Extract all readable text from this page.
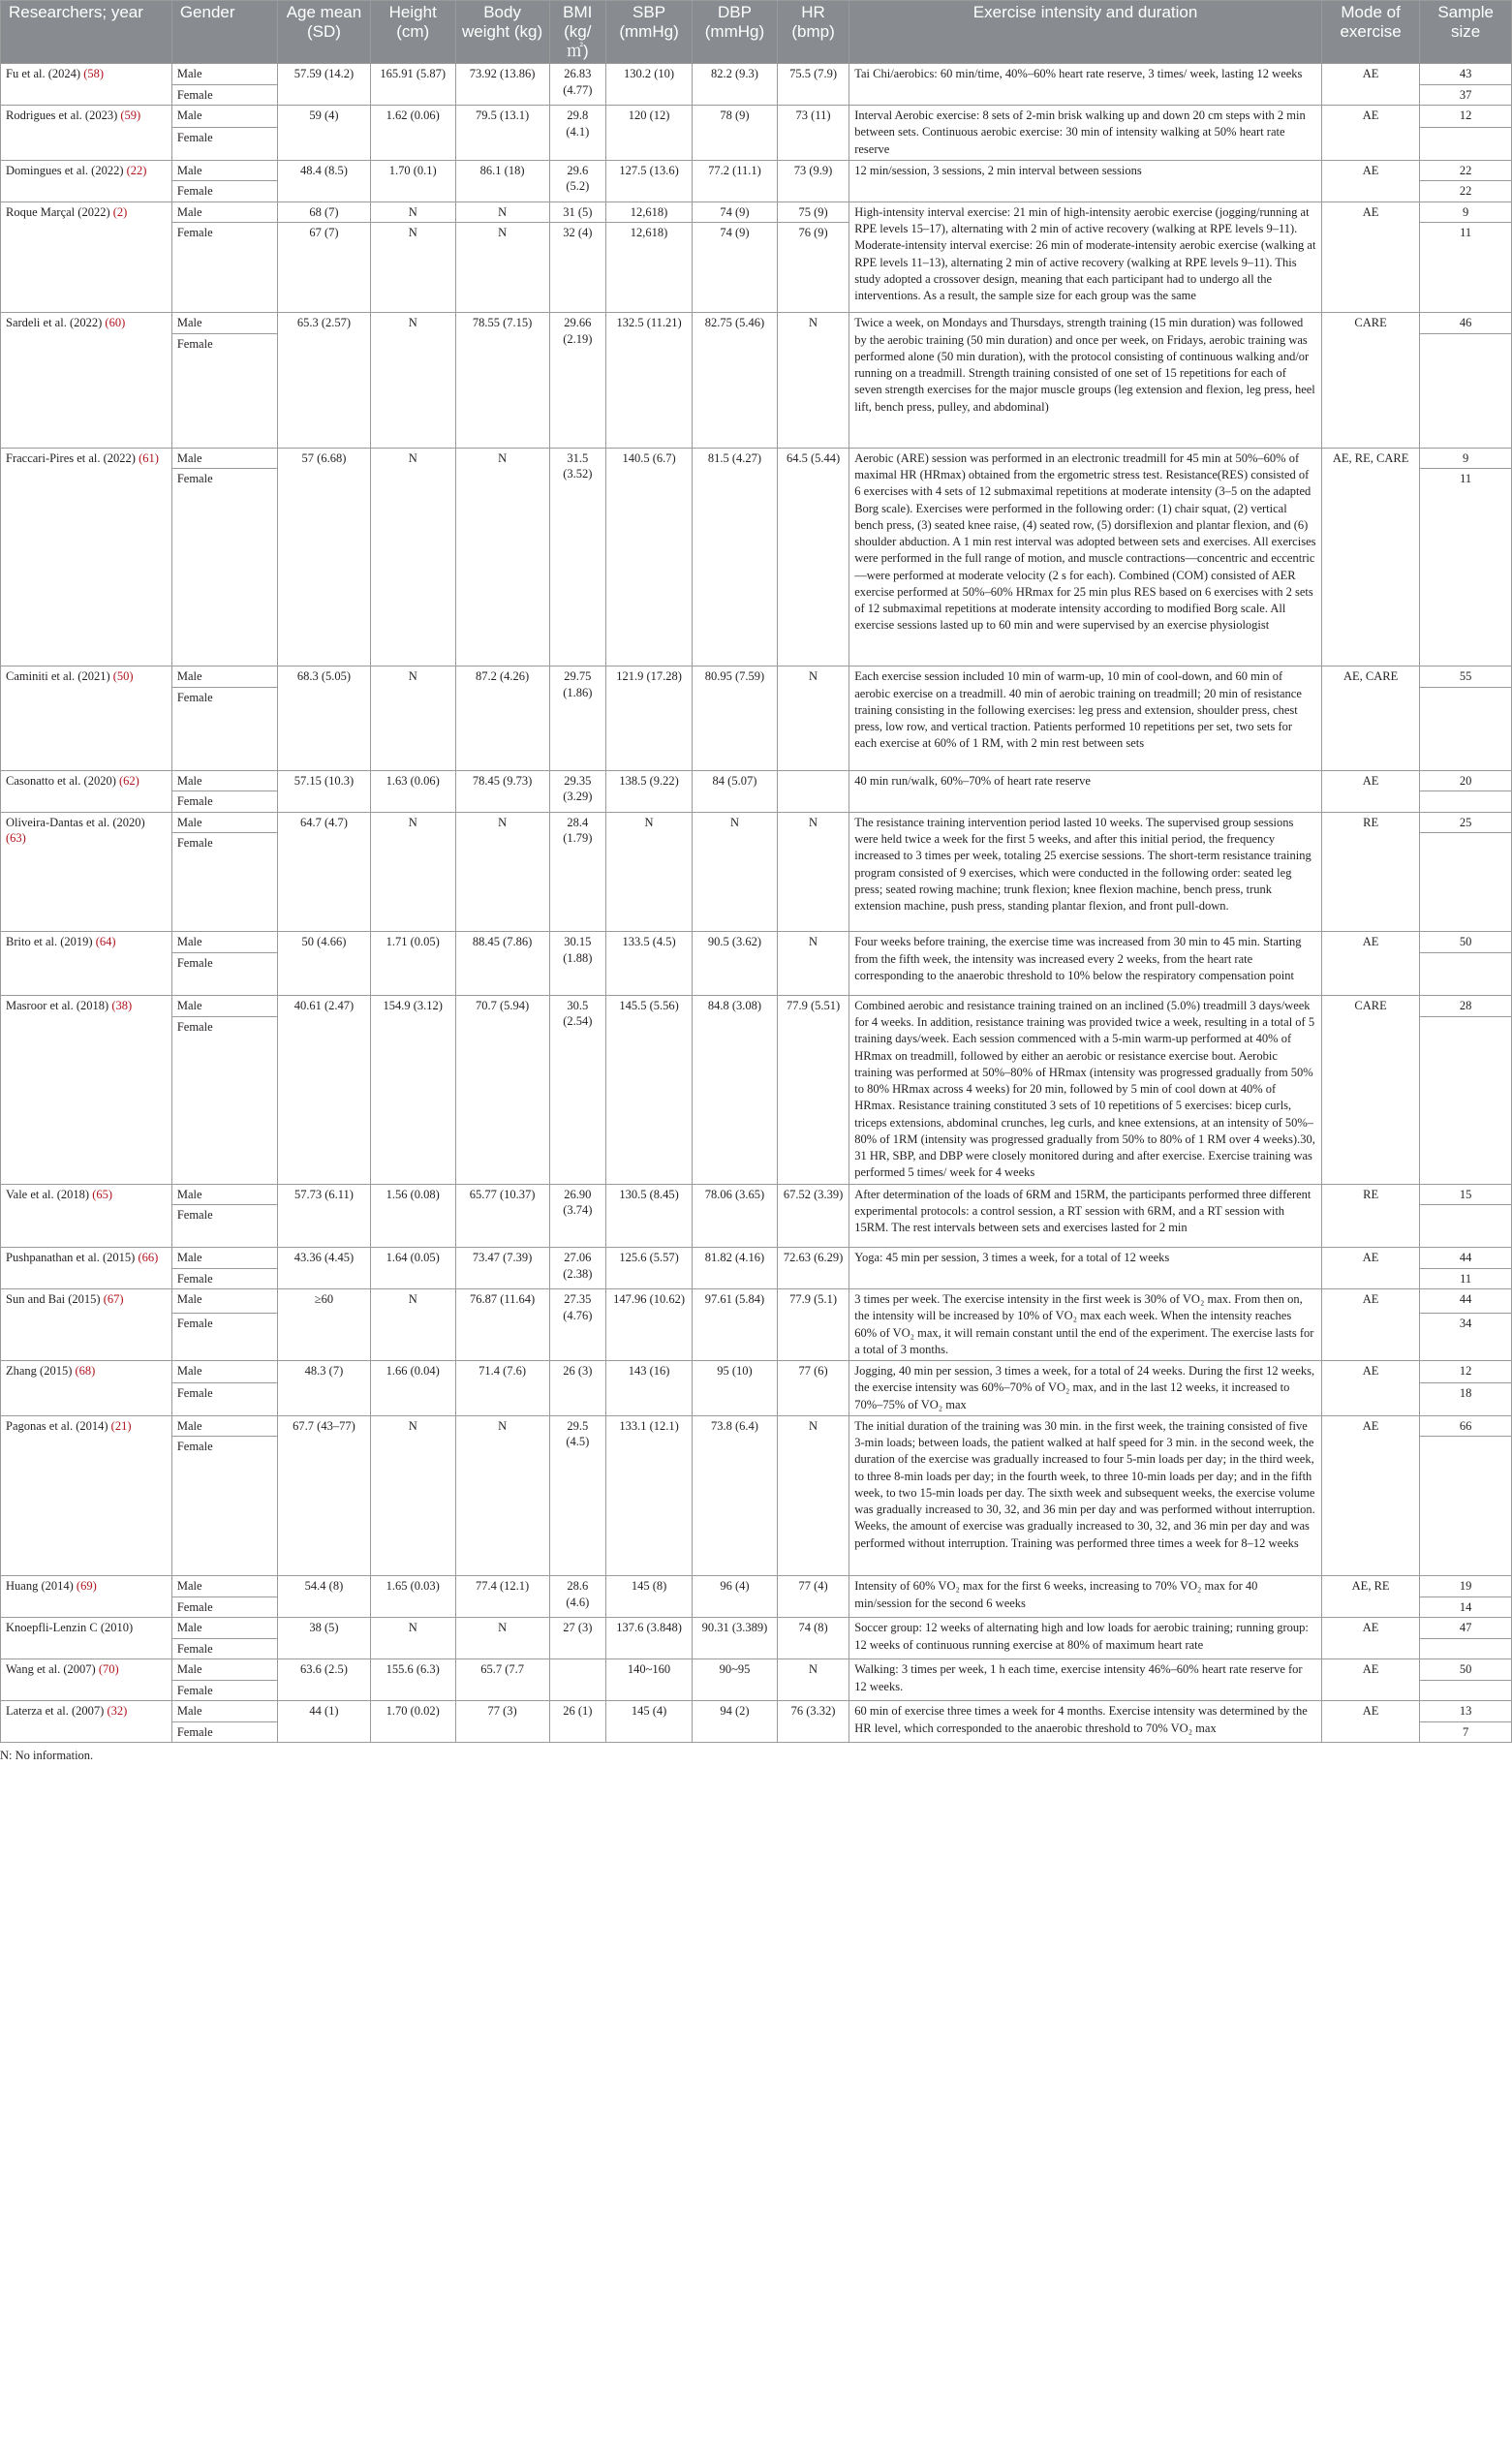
Researchers; year	Gender	Age mean (SD)	Height (cm)	Body weight (kg)	BMI (kg/ ㎡)	SBP (mmHg)	DBP (mmHg)	HR (bmp)	Exercise intensity and duration	Mode of exercise	Sample size
Fu et al. (2024) (58)	Male	57.59 (14.2)	165.91 (5.87)	73.92 (13.86)	26.83 (4.77)	130.2 (10)	82.2 (9.3)	75.5 (7.9)	Tai Chi/aerobics: 60 min/time, 40%–60% heart rate reserve, 3 times/ week, lasting 12 weeks	AE	43
	Female										37
Rodrigues et al. (2023) (59)	Male	59 (4)	1.62 (0.06)	79.5 (13.1)	29.8 (4.1)	120 (12)	78 (9)	73 (11)	Interval Aerobic exercise: 8 sets of 2-min brisk walking up and down 20 cm steps with 2 min between sets. Continuous aerobic exercise: 30 min of intensity walking at 50% heart rate reserve	AE	12
	Female										
Domingues et al. (2022) (22)	Male	48.4 (8.5)	1.70 (0.1)	86.1 (18)	29.6 (5.2)	127.5 (13.6)	77.2 (11.1)	73 (9.9)	12 min/session, 3 sessions, 2 min interval between sessions	AE	22
	Female										22
Roque Marçal (2022) (2)	Male	68 (7)	N	N	31 (5)	12,618)	74 (9)	75 (9)	High-intensity interval exercise: 21 min of high-intensity aerobic exercise (jogging/running at RPE levels 15–17), alternating with 2 min of active recovery (walking at RPE levels 9–11). Moderate-intensity interval exercise: 26 min of moderate-intensity aerobic exercise (walking at RPE levels 11–13), alternating 2 min of active recovery (walking at RPE levels 9–11). This study adopted a crossover design, meaning that each participant had to undergo all the interventions. As a result, the sample size for each group was the same	AE	9
	Female	67 (7)	N	N	32 (4)	12,618)	74 (9)	76 (9)			11
Sardeli et al. (2022) (60)	Male	65.3 (2.57)	N	78.55 (7.15)	29.66 (2.19)	132.5 (11.21)	82.75 (5.46)	N	Twice a week, on Mondays and Thursdays, strength training (15 min duration) was followed by the aerobic training (50 min duration) and once per week, on Fridays, aerobic training was performed alone (50 min duration), with the protocol consisting of continuous walking and/or running on a treadmill. Strength training consisted of one set of 15 repetitions for each of seven strength exercises for the major muscle groups (leg extension and flexion, leg press, heel lift, bench press, pulley, and abdominal)	CARE	46
	Female										
Fraccari-Pires et al. (2022) (61)	Male	57 (6.68)	N	N	31.5 (3.52)	140.5 (6.7)	81.5 (4.27)	64.5 (5.44)	Aerobic (ARE) session was performed in an electronic treadmill for 45 min at 50%–60% of maximal HR (HRmax) obtained from the ergometric stress test. Resistance(RES) consisted of 6 exercises with 4 sets of 12 submaximal repetitions at moderate intensity (3–5 on the adapted Borg scale). Exercises were performed in the following order: (1) chair squat, (2) vertical bench press, (3) seated knee raise, (4) seated row, (5) dorsiflexion and plantar flexion, and (6) shoulder abduction. A 1 min rest interval was adopted between sets and exercises. All exercises were performed in the full range of motion, and muscle contractions—concentric and eccentric—were performed at moderate velocity (2 s for each). Combined (COM) consisted of AER exercise performed at 50%–60% HRmax for 25 min plus RES based on 6 exercises with 2 sets of 12 submaximal repetitions at moderate intensity according to modified Borg scale. All exercise sessions lasted up to 60 min and were supervised by an exercise physiologist	AE, RE, CARE	9
	Female										11
Caminiti et al. (2021) (50)	Male	68.3 (5.05)	N	87.2 (4.26)	29.75 (1.86)	121.9 (17.28)	80.95 (7.59)	N	Each exercise session included 10 min of warm-up, 10 min of cool-down, and 60 min of aerobic exercise on a treadmill. 40 min of aerobic training on treadmill; 20 min of resistance training consisting in the following exercises: leg press and extension, shoulder press, chest press, low row, and vertical traction. Patients performed 10 repetitions per set, two sets for each exercise at 60% of 1 RM, with 2 min rest between sets	AE, CARE	55
	Female										
Casonatto et al. (2020) (62)	Male	57.15 (10.3)	1.63 (0.06)	78.45 (9.73)	29.35 (3.29)	138.5 (9.22)	84 (5.07)		40 min run/walk, 60%–70% of heart rate reserve	AE	20
	Female										
Oliveira-Dantas et al. (2020) (63)	Male	64.7 (4.7)	N	N	28.4 (1.79)	N	N	N	The resistance training intervention period lasted 10 weeks. The supervised group sessions were held twice a week for the first 5 weeks, and after this initial period, the frequency increased to 3 times per week, totaling 25 exercise sessions. The short-term resistance training program consisted of 9 exercises, which were conducted in the following order: seated leg press; seated rowing machine; trunk flexion; knee flexion machine, bench press, trunk extension machine, push press, standing plantar flexion, and front pull-down.	RE	25
	Female										
Brito et al. (2019) (64)	Male	50 (4.66)	1.71 (0.05)	88.45 (7.86)	30.15 (1.88)	133.5 (4.5)	90.5 (3.62)	N	Four weeks before training, the exercise time was increased from 30 min to 45 min. Starting from the fifth week, the intensity was increased every 2 weeks, from the heart rate corresponding to the anaerobic threshold to 10% below the respiratory compensation point	AE	50
	Female										
Masroor et al. (2018) (38)	Male	40.61 (2.47)	154.9 (3.12)	70.7 (5.94)	30.5 (2.54)	145.5 (5.56)	84.8 (3.08)	77.9 (5.51)	Combined aerobic and resistance training trained on an inclined (5.0%) treadmill 3 days/week for 4 weeks. In addition, resistance training was provided twice a week, resulting in a total of 5 training days/week. Each session commenced with a 5-min warm-up performed at 40% of HRmax on treadmill, followed by either an aerobic or resistance exercise bout. Aerobic training was performed at 50%–80% of HRmax (intensity was progressed gradually from 50% to 80% HRmax across 4 weeks) for 20 min, followed by 5 min of cool down at 40% of HRmax. Resistance training constituted 3 sets of 10 repetitions of 5 exercises: bicep curls, triceps extensions, abdominal crunches, leg curls, and knee extensions, at an intensity of 50%–80% of 1RM (intensity was progressed gradually from 50% to 80% of 1 RM over 4 weeks).30, 31 HR, SBP, and DBP were closely monitored during and after exercise. Exercise training was performed 5 times/ week for 4 weeks	CARE	28
	Female										
Vale et al. (2018) (65)	Male	57.73 (6.11)	1.56 (0.08)	65.77 (10.37)	26.90 (3.74)	130.5 (8.45)	78.06 (3.65)	67.52 (3.39)	After determination of the loads of 6RM and 15RM, the participants performed three different experimental protocols: a control session, a RT session with 6RM, and a RT session with 15RM. The rest intervals between sets and exercises lasted for 2 min	RE	15
	Female										
Pushpanathan et al. (2015) (66)	Male	43.36 (4.45)	1.64 (0.05)	73.47 (7.39)	27.06 (2.38)	125.6 (5.57)	81.82 (4.16)	72.63 (6.29)	Yoga: 45 min per session, 3 times a week, for a total of 12 weeks	AE	44
	Female										11
Sun and Bai (2015) (67)	Male	≥60	N	76.87 (11.64)	27.35 (4.76)	147.96 (10.62)	97.61 (5.84)	77.9 (5.1)	3 times per week. The exercise intensity in the first week is 30% of VO₂ max. From then on, the intensity will be increased by 10% of VO₂ max each week. When the intensity reaches 60% of VO₂ max, it will remain constant until the end of the experiment. The exercise lasts for a total of 3 months.	AE	44
	Female										34
Zhang (2015) (68)	Male	48.3 (7)	1.66 (0.04)	71.4 (7.6)	26 (3)	143 (16)	95 (10)	77 (6)	Jogging, 40 min per session, 3 times a week, for a total of 24 weeks. During the first 12 weeks, the exercise intensity was 60%–70% of VO₂ max, and in the last 12 weeks, it increased to 70%–75% of VO₂ max	AE	12
	Female										18
Pagonas et al. (2014) (21)	Male	67.7 (43–77)	N	N	29.5 (4.5)	133.1 (12.1)	73.8 (6.4)	N	The initial duration of the training was 30 min. in the first week, the training consisted of five 3-min loads; between loads, the patient walked at half speed for 3 min. in the second week, the duration of the exercise was gradually increased to four 5-min loads per day; in the third week, to three 8-min loads per day; in the fourth week, to three 10-min loads per day; and in the fifth week, to two 15-min loads per day. The sixth week and subsequent weeks, the exercise volume was gradually increased to 30, 32, and 36 min per day and was performed without interruption. Weeks, the amount of exercise was gradually increased to 30, 32, and 36 min per day and was performed without interruption. Training was performed three times a week for 8–12 weeks	AE	66
	Female										
Huang (2014) (69)	Male	54.4 (8)	1.65 (0.03)	77.4 (12.1)	28.6 (4.6)	145 (8)	96 (4)	77 (4)	Intensity of 60% VO₂ max for the first 6 weeks, increasing to 70% VO₂ max for 40 min/session for the second 6 weeks	AE, RE	19
	Female										14
Knoepfli-Lenzin C (2010)	Male	38 (5)	N	N	27 (3)	137.6 (3.848)	90.31 (3.389)	74 (8)	Soccer group: 12 weeks of alternating high and low loads for aerobic training; running group: 12 weeks of continuous running exercise at 80% of maximum heart rate	AE	47
	Female										
Wang et al. (2007) (70)	Male	63.6 (2.5)	155.6 (6.3)	65.7 (7.7		140~160	90~95	N	Walking: 3 times per week, 1 h each time, exercise intensity 46%–60% heart rate reserve for 12 weeks.	AE	50
	Female										
Laterza et al. (2007) (32)	Male	44 (1)	1.70 (0.02)	77 (3)	26 (1)	145 (4)	94 (2)	76 (3.32)	60 min of exercise three times a week for 4 months. Exercise intensity was determined by the HR level, which corresponded to the anaerobic threshold to 70% VO₂ max	AE	13
	Female										7
N: No information.
